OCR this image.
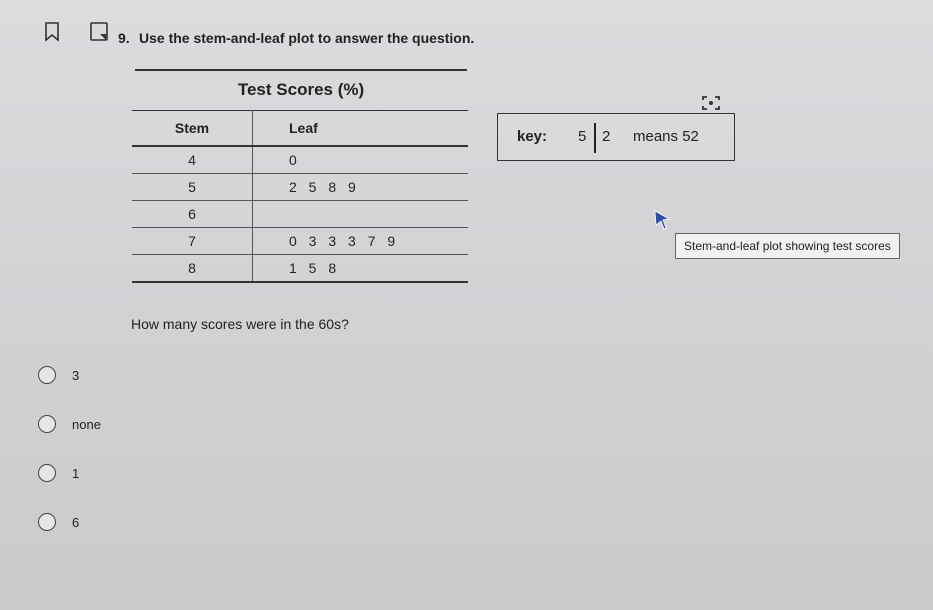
9. Use the stem-and-leaf plot to answer the question.
Test Scores (%)
Stem	Leaf
4	0
5	2 5 8 9
6	
7	0 3 3 3 7 9
8	1 5 8
key: 5 2 means 52
Stem-and-leaf plot showing test scores
How many scores were in the 60s?
3
none
1
6
